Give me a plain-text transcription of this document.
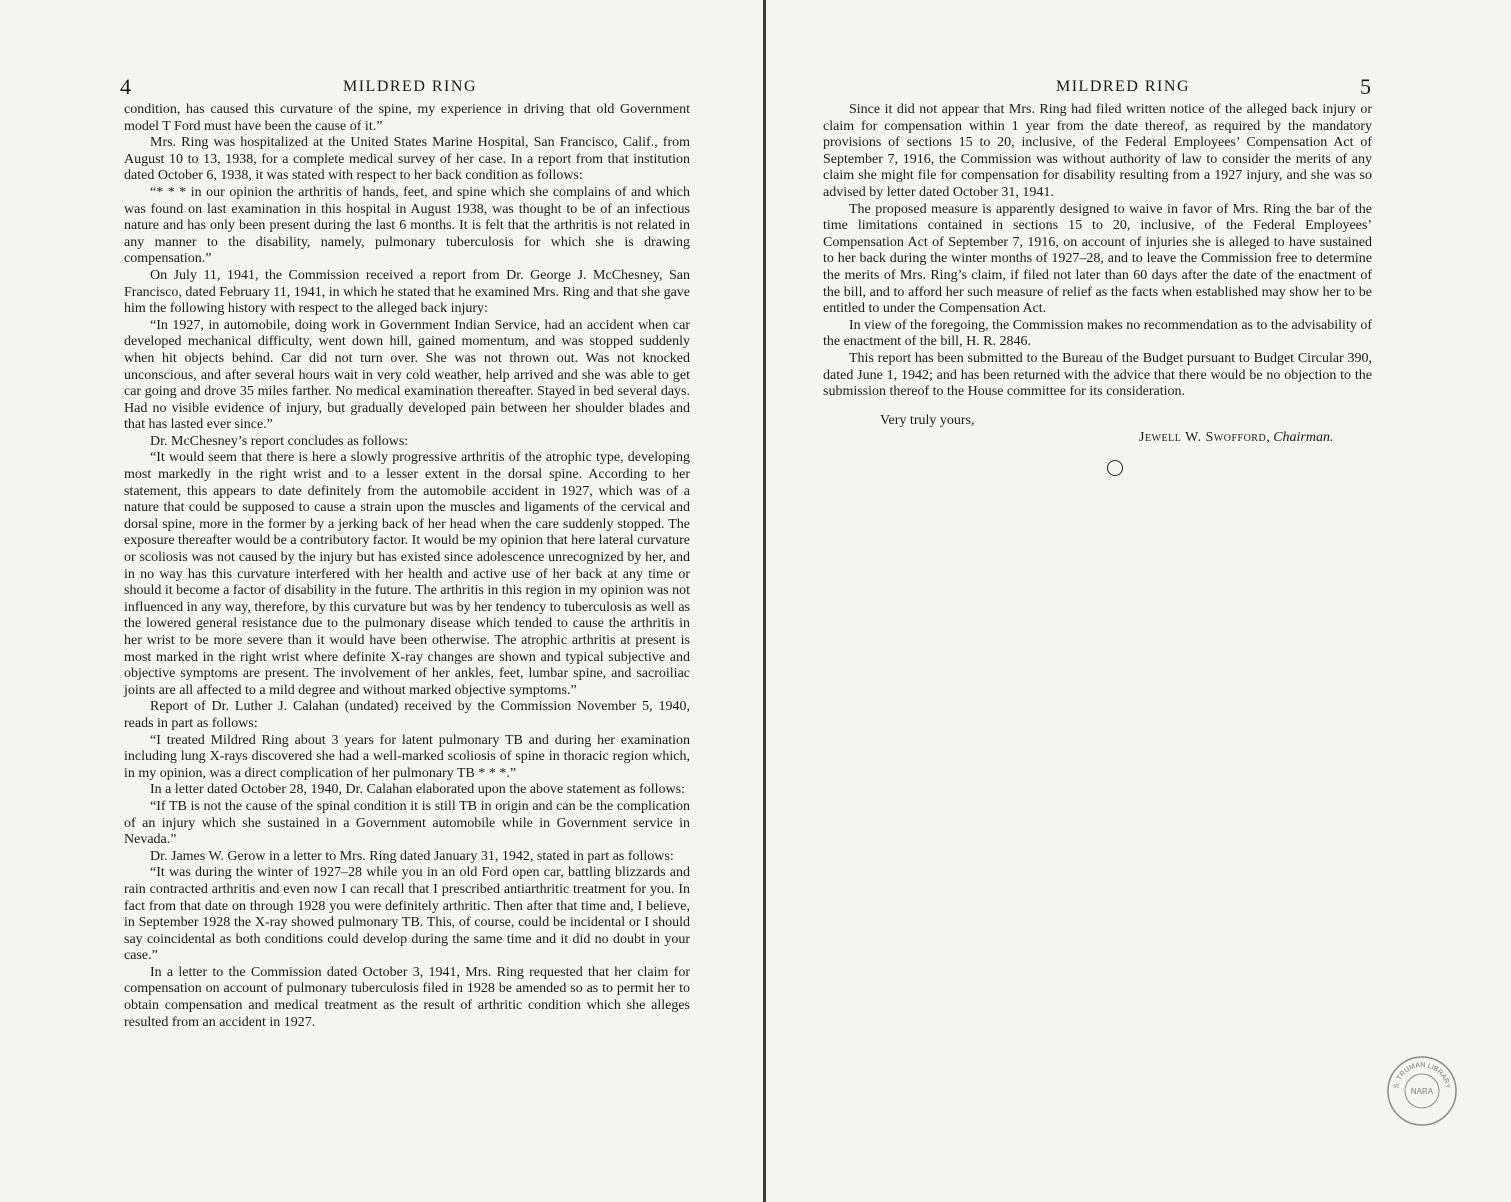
4	MILDRED RING

condition, has caused this curvature of the spine, my experience in driving that old Government model T Ford must have been the cause of it.”

Mrs. Ring was hospitalized at the United States Marine Hospital, San Francisco, Calif., from August 10 to 13, 1938, for a complete medical survey of her case. In a report from that institution dated October 6, 1938, it was stated with respect to her back condition as follows:

“* * * in our opinion the arthritis of hands, feet, and spine which she complains of and which was found on last examination in this hospital in August 1938, was thought to be of an infectious nature and has only been present during the last 6 months. It is felt that the arthritis is not related in any manner to the disability, namely, pulmonary tuberculosis for which she is drawing compensation.”

On July 11, 1941, the Commission received a report from Dr. George J. McChesney, San Francisco, dated February 11, 1941, in which he stated that he examined Mrs. Ring and that she gave him the following history with respect to the alleged back injury:

“In 1927, in automobile, doing work in Government Indian Service, had an accident when car developed mechanical difficulty, went down hill, gained momentum, and was stopped suddenly when hit objects behind. Car did not turn over. She was not thrown out. Was not knocked unconscious, and after several hours wait in very cold weather, help arrived and she was able to get car going and drove 35 miles farther. No medical examination thereafter. Stayed in bed several days. Had no visible evidence of injury, but gradually developed pain between her shoulder blades and that has lasted ever since.”

Dr. McChesney’s report concludes as follows:

“It would seem that there is here a slowly progressive arthritis of the atrophic type, developing most markedly in the right wrist and to a lesser extent in the dorsal spine. According to her statement, this appears to date definitely from the automobile accident in 1927, which was of a nature that could be supposed to cause a strain upon the muscles and ligaments of the cervical and dorsal spine, more in the former by a jerking back of her head when the care suddenly stopped. The exposure thereafter would be a contributory factor. It would be my opinion that here lateral curvature or scoliosis was not caused by the injury but has existed since adolescence unrecognized by her, and in no way has this curvature interfered with her health and active use of her back at any time or should it become a factor of disability in the future. The arthritis in this region in my opinion was not influenced in any way, therefore, by this curvature but was by her tendency to tuberculosis as well as the lowered general resistance due to the pulmonary disease which tended to cause the arthritis in her wrist to be more severe than it would have been otherwise. The atrophic arthritis at present is most marked in the right wrist where definite X-ray changes are shown and typical subjective and objective symptoms are present. The involvement of her ankles, feet, lumbar spine, and sacroiliac joints are all affected to a mild degree and without marked objective symptoms.”

Report of Dr. Luther J. Calahan (undated) received by the Commission November 5, 1940, reads in part as follows:

“I treated Mildred Ring about 3 years for latent pulmonary TB and during her examination including lung X-rays discovered she had a well-marked scoliosis of spine in thoracic region which, in my opinion, was a direct complication of her pulmonary TB * * *.”

In a letter dated October 28, 1940, Dr. Calahan elaborated upon the above statement as follows:

“If TB is not the cause of the spinal condition it is still TB in origin and can be the complication of an injury which she sustained in a Government automobile while in Government service in Nevada.”

Dr. James W. Gerow in a letter to Mrs. Ring dated January 31, 1942, stated in part as follows:

“It was during the winter of 1927–28 while you in an old Ford open car, battling blizzards and rain contracted arthritis and even now I can recall that I prescribed antiarthritic treatment for you. In fact from that date on through 1928 you were definitely arthritic. Then after that time and, I believe, in September 1928 the X-ray showed pulmonary TB. This, of course, could be incidental or I should say coincidental as both conditions could develop during the same time and it did no doubt in your case.”

In a letter to the Commission dated October 3, 1941, Mrs. Ring requested that her claim for compensation on account of pulmonary tuberculosis filed in 1928 be amended so as to permit her to obtain compensation and medical treatment as the result of arthritic condition which she alleges resulted from an accident in 1927.

MILDRED RING	5

Since it did not appear that Mrs. Ring had filed written notice of the alleged back injury or claim for compensation within 1 year from the date thereof, as required by the mandatory provisions of sections 15 to 20, inclusive, of the Federal Employees’ Compensation Act of September 7, 1916, the Commission was without authority of law to consider the merits of any claim she might file for compensation for disability resulting from a 1927 injury, and she was so advised by letter dated October 31, 1941.

The proposed measure is apparently designed to waive in favor of Mrs. Ring the bar of the time limitations contained in sections 15 to 20, inclusive, of the Federal Employees’ Compensation Act of September 7, 1916, on account of injuries she is alleged to have sustained to her back during the winter months of 1927–28, and to leave the Commission free to determine the merits of Mrs. Ring’s claim, if filed not later than 60 days after the date of the enactment of the bill, and to afford her such measure of relief as the facts when established may show her to be entitled to under the Compensation Act.

In view of the foregoing, the Commission makes no recommendation as to the advisability of the enactment of the bill, H. R. 2846.

This report has been submitted to the Bureau of the Budget pursuant to Budget Circular 390, dated June 1, 1942; and has been returned with the advice that there would be no objection to the submission thereof to the House committee for its consideration.

Very truly yours,
Jewell W. Swofford, Chairman.
S. TRUMAN LIBRARY
NARA
